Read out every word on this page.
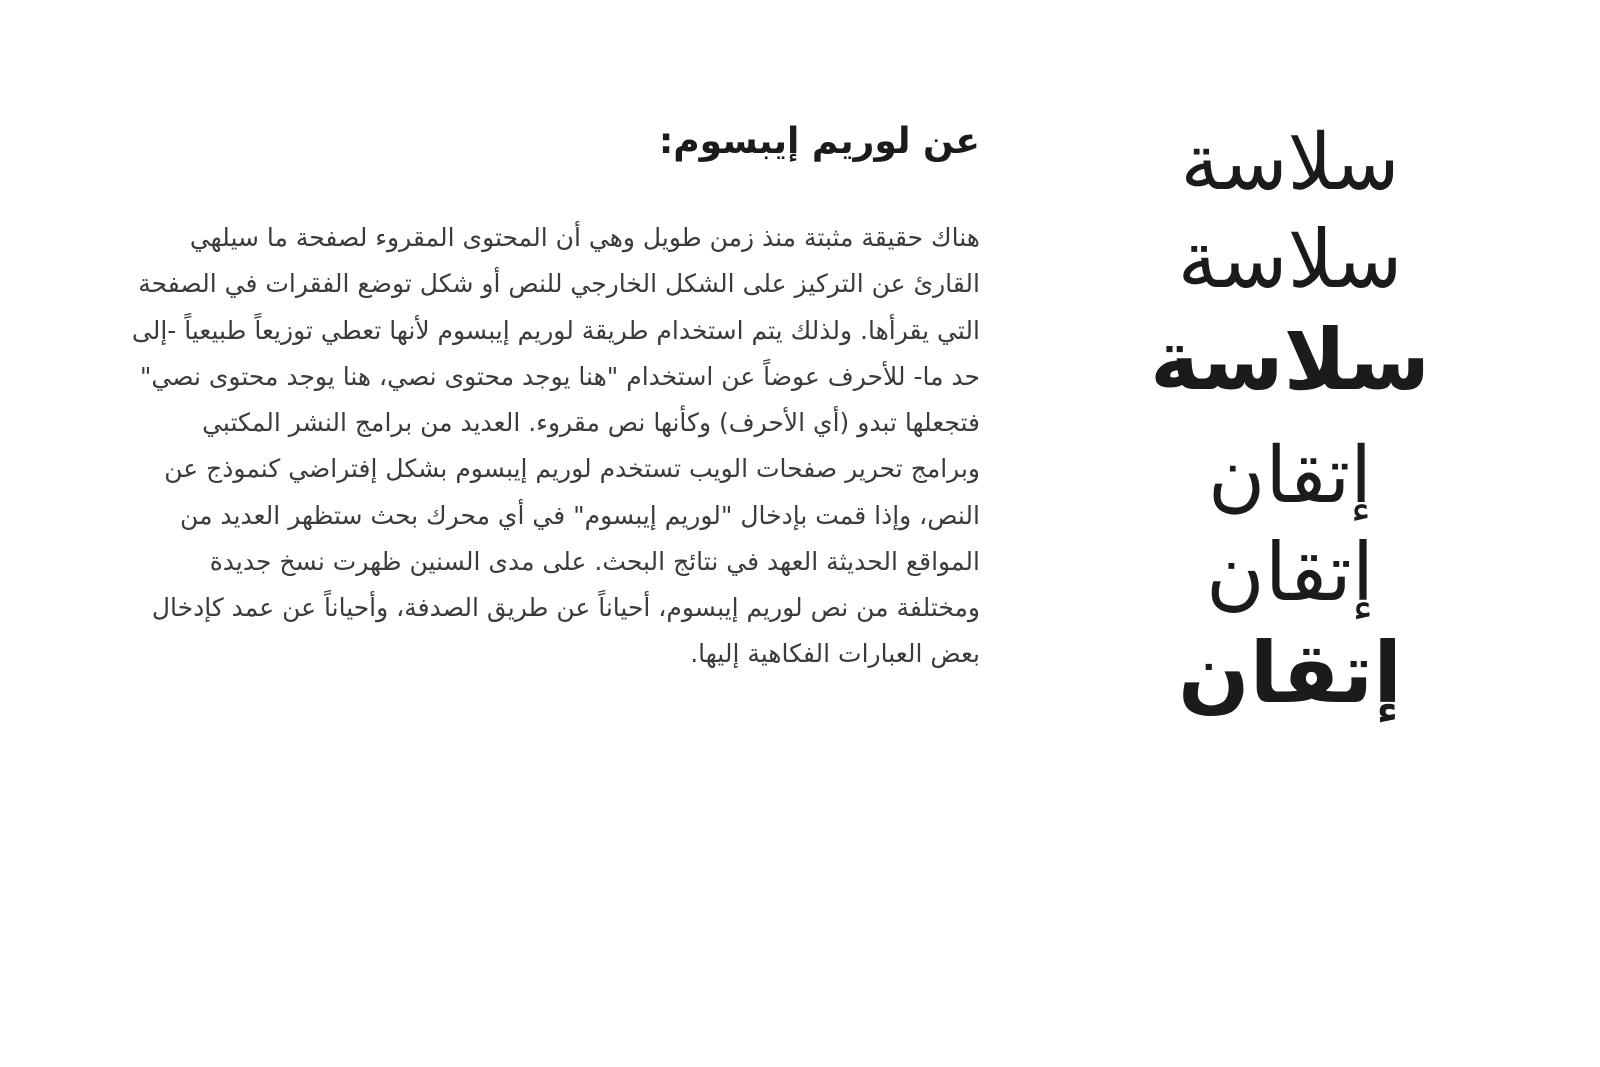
عن لوريم إيبسوم:

هناك حقيقة مثبتة منذ زمن طويل وهي أن المحتوى المقروء لصفحة ما سيلهي القارئ عن التركيز على الشكل الخارجي للنص أو شكل توضع الفقرات في الصفحة التي يقرأها. ولذلك يتم استخدام طريقة لوريم إيبسوم لأنها تعطي توزيعاً طبيعياً -إلى حد ما- للأحرف عوضاً عن استخدام "هنا يوجد محتوى نصي، هنا يوجد محتوى نصي" فتجعلها تبدو (أي الأحرف) وكأنها نص مقروء. العديد من برامج النشر المكتبي وبرامج تحرير صفحات الويب تستخدم لوريم إيبسوم بشكل إفتراضي كنموذج عن النص، وإذا قمت بإدخال "لوريم إيبسوم" في أي محرك بحث ستظهر العديد من المواقع الحديثة العهد في نتائج البحث. على مدى السنين ظهرت نسخ جديدة ومختلفة من نص لوريم إيبسوم، أحياناً عن طريق الصدفة، وأحياناً عن عمد كإدخال بعض العبارات الفكاهية إليها.

سلاسة
سلاسة
سلاسة
إتقان
إتقان
إتقان
